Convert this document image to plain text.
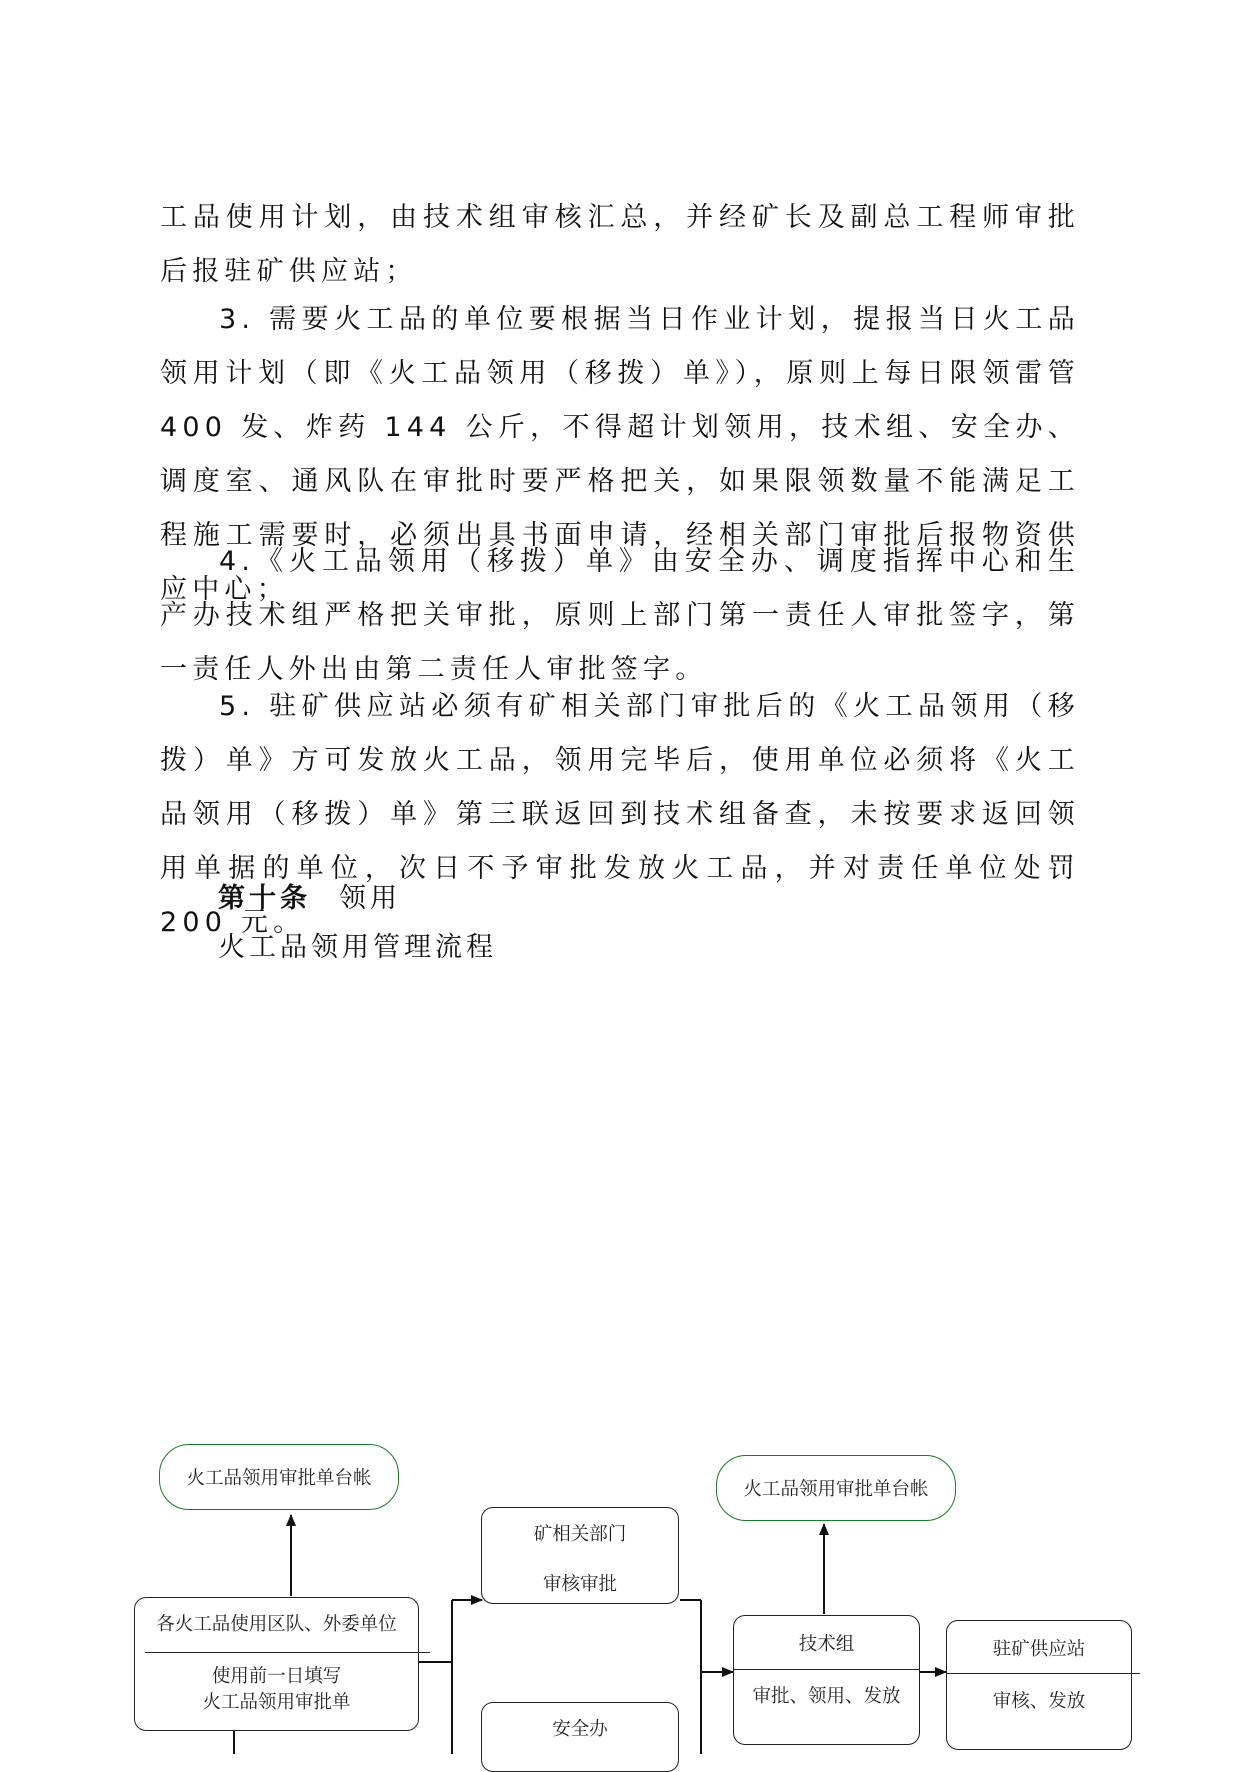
工品使用计划，由技术组审核汇总，并经矿长及副总工程师审批后报驻矿供应站；

3. 需要火工品的单位要根据当日作业计划，提报当日火工品领用计划（即《火工品领用（移拨）单》），原则上每日限领雷管 400 发、炸药 144 公斤，不得超计划领用，技术组、安全办、调度室、通风队在审批时要严格把关，如果限领数量不能满足工程施工需要时，必须出具书面申请，经相关部门审批后报物资供应中心；

4.《火工品领用（移拨）单》由安全办、调度指挥中心和生产办技术组严格把关审批，原则上部门第一责任人审批签字，第一责任人外出由第二责任人审批签字。

5. 驻矿供应站必须有矿相关部门审批后的《火工品领用（移拨）单》方可发放火工品，领用完毕后，使用单位必须将《火工品领用（移拨）单》第三联返回到技术组备查，未按要求返回领用单据的单位，次日不予审批发放火工品，并对责任单位处罚 200 元。

第十条 领用

火工品领用管理流程

火工品领用审批单台帐
火工品领用审批单台帐
各火工品使用区队、外委单位
使用前一日填写
火工品领用审批单
矿相关部门
审核审批
安全办
技术组
审批、领用、发放
驻矿供应站
审核、发放
